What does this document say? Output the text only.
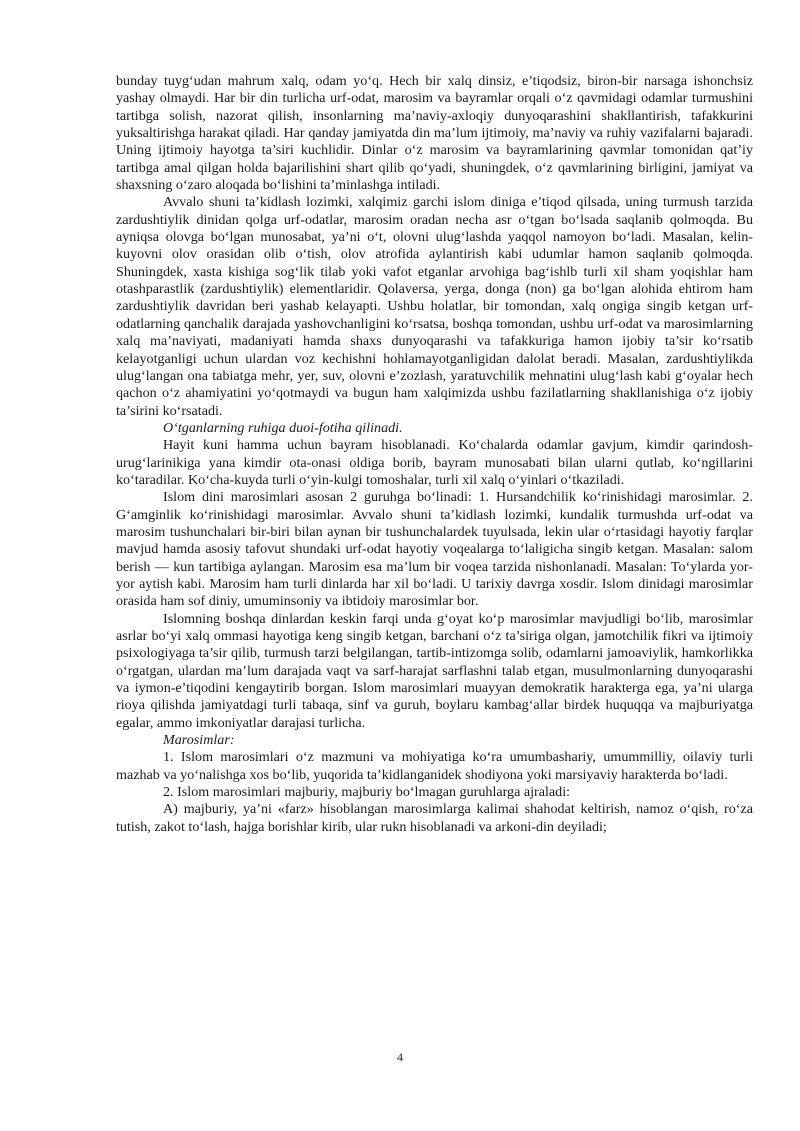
bunday tuyg‘udan mahrum xalq, odam yo‘q. Hech bir xalq dinsiz, e’tiqodsiz, biron-bir narsaga ishonchsiz yashay olmaydi. Har bir din turlicha urf-odat, marosim va bayramlar orqali o‘z qavmidagi odamlar turmushini tartibga solish, nazorat qilish, insonlarning ma’naviy-axloqiy dunyoqarashini shakllantirish, tafakkurini yuksaltirishga harakat qiladi. Har qanday jamiyatda din ma’lum ijtimoiy, ma’naviy va ruhiy vazifalarni bajaradi. Uning ijtimoiy hayotga ta’siri kuchlidir. Dinlar o‘z marosim va bayramlarining qavmlar tomonidan qat’iy tartibga amal qilgan holda bajarilishini shart qilib qo‘yadi, shuningdek, o‘z qavmlarining birligini, jamiyat va shaxsning o‘zaro aloqada bo‘lishini ta’minlashga intiladi.

Avvalo shuni ta’kidlash lozimki, xalqimiz garchi islom diniga e’tiqod qilsada, uning turmush tarzida zardushtiylik dinidan qolga urf-odatlar, marosim oradan necha asr o‘tgan bo‘lsada saqlanib qolmoqda. Bu ayniqsa olovga bo‘lgan munosabat, ya’ni o‘t, olovni ulug‘lashda yaqqol namoyon bo‘ladi. Masalan, kelin-kuyovni olov orasidan olib o‘tish, olov atrofida aylantirish kabi udumlar hamon saqlanib qolmoqda. Shuningdek, xasta kishiga sog‘lik tilab yoki vafot etganlar arvohiga bag‘ishlb turli xil sham yoqishlar ham otashparastlik (zardushtiylik) elementlaridir. Qolaversa, yerga, donga (non) ga bo‘lgan alohida ehtirom ham zardushtiylik davridan beri yashab kelayapti. Ushbu holatlar, bir tomondan, xalq ongiga singib ketgan urf-odatlarning qanchalik darajada yashovchanligini ko‘rsatsa, boshqa tomondan, ushbu urf-odat va marosimlarning xalq ma’naviyati, madaniyati hamda shaxs dunyoqarashi va tafakkuriga hamon ijobiy ta’sir ko‘rsatib kelayotganligi uchun ulardan voz kechishni hohlamayotganligidan dalolat beradi. Masalan, zardushtiylikda ulug‘langan ona tabiatga mehr, yer, suv, olovni e’zozlash, yaratuvchilik mehnatini ulug‘lash kabi g‘oyalar hech qachon o‘z ahamiyatini yo‘qotmaydi va bugun ham xalqimizda ushbu fazilatlarning shakllanishiga o‘z ijobiy ta’sirini ko‘rsatadi.

O‘tganlarning ruhiga duoi-fotiha qilinadi.

Hayit kuni hamma uchun bayram hisoblanadi. Ko‘chalarda odamlar gavjum, kimdir qarindosh-urug‘larinikiga yana kimdir ota-onasi oldiga borib, bayram munosabati bilan ularni qutlab, ko‘ngillarini ko‘taradilar. Ko‘cha-kuyda turli o‘yin-kulgi tomoshalar, turli xil xalq o‘yinlari o‘tkaziladi.

Islom dini marosimlari asosan 2 guruhga bo‘linadi: 1. Hursandchilik ko‘rinishidagi marosimlar. 2. G‘amginlik ko‘rinishidagi marosimlar. Avvalo shuni ta’kidlash lozimki, kundalik turmushda urf-odat va marosim tushunchalari bir-biri bilan aynan bir tushunchalardek tuyulsada, lekin ular o‘rtasidagi hayotiy farqlar mavjud hamda asosiy tafovut shundaki urf-odat hayotiy voqealarga to‘laligicha singib ketgan. Masalan: salom berish — kun tartibiga aylangan. Marosim esa ma’lum bir voqea tarzida nishonlanadi. Masalan: To‘ylarda yor-yor aytish kabi. Marosim ham turli dinlarda har xil bo‘ladi. U tarixiy davrga xosdir. Islom dinidagi marosimlar orasida ham sof diniy, umuminsoniy va ibtidoiy marosimlar bor.

Islomning boshqa dinlardan keskin farqi unda g‘oyat ko‘p marosimlar mavjudligi bo‘lib, marosimlar asrlar bo‘yi xalq ommasi hayotiga keng singib ketgan, barchani o‘z ta’siriga olgan, jamotchilik fikri va ijtimoiy psixologiyaga ta’sir qilib, turmush tarzi belgilangan, tartib-intizomga solib, odamlarni jamoaviylik, hamkorlikka o‘rgatgan, ulardan ma’lum darajada vaqt va sarf-harajat sarflashni talab etgan, musulmonlarning dunyoqarashi va iymon-e’tiqodini kengaytirib borgan. Islom marosimlari muayyan demokratik harakterga ega, ya’ni ularga rioya qilishda jamiyatdagi turli tabaqa, sinf va guruh, boylaru kambag‘allar birdek huquqqa va majburiyatga egalar, ammo imkoniyatlar darajasi turlicha.

Marosimlar:

1. Islom marosimlari o‘z mazmuni va mohiyatiga ko‘ra umumbashariy, umummilliy, oilaviy turli mazhab va yo‘nalishga xos bo‘lib, yuqorida ta’kidlanganidek shodiyona yoki marsiyaviy harakterda bo‘ladi.

2. Islom marosimlari majburiy, majburiy bo‘lmagan guruhlarga ajraladi:

A) majburiy, ya’ni «farz» hisoblangan marosimlarga kalimai shahodat keltirish, namoz o‘qish, ro‘za tutish, zakot to‘lash, hajga borishlar kirib, ular rukn hisoblanadi va arkoni-din deyiladi;

4
